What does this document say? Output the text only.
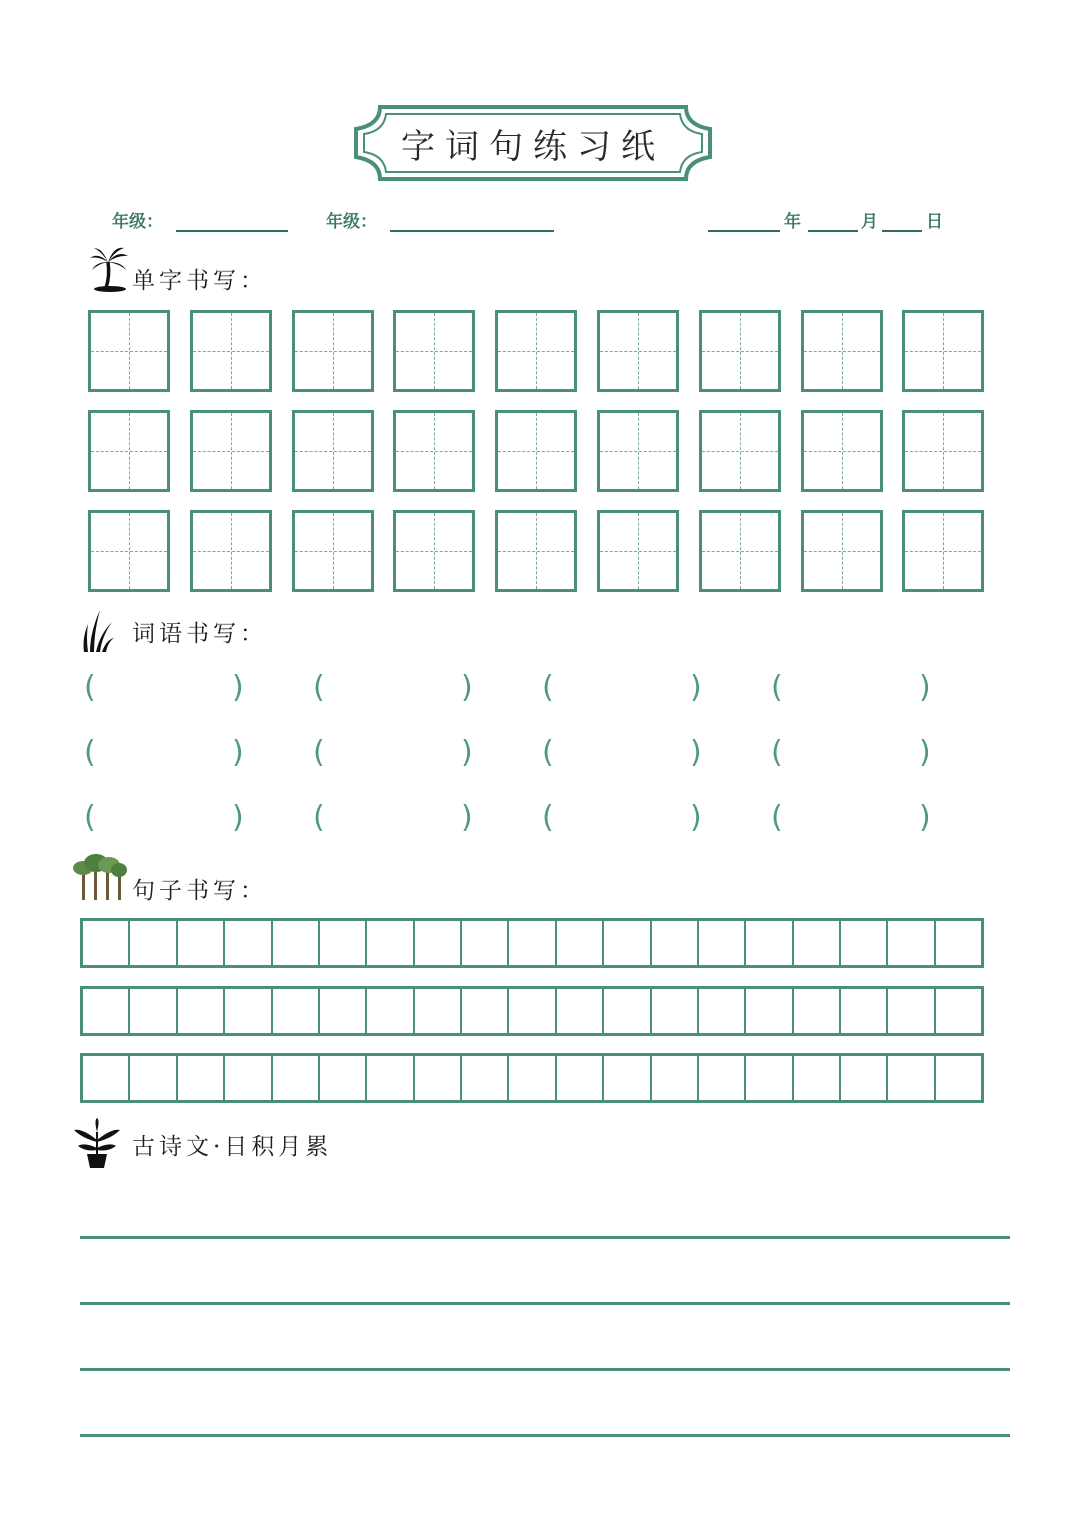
字词句练习纸
年级：	年级：	年	月	日
单字书写：
词语书写：
(	) (	) (	) (	)
(	) (	) (	) (	)
(	) (	) (	) (	)
句子书写：
古诗文·日积月累
